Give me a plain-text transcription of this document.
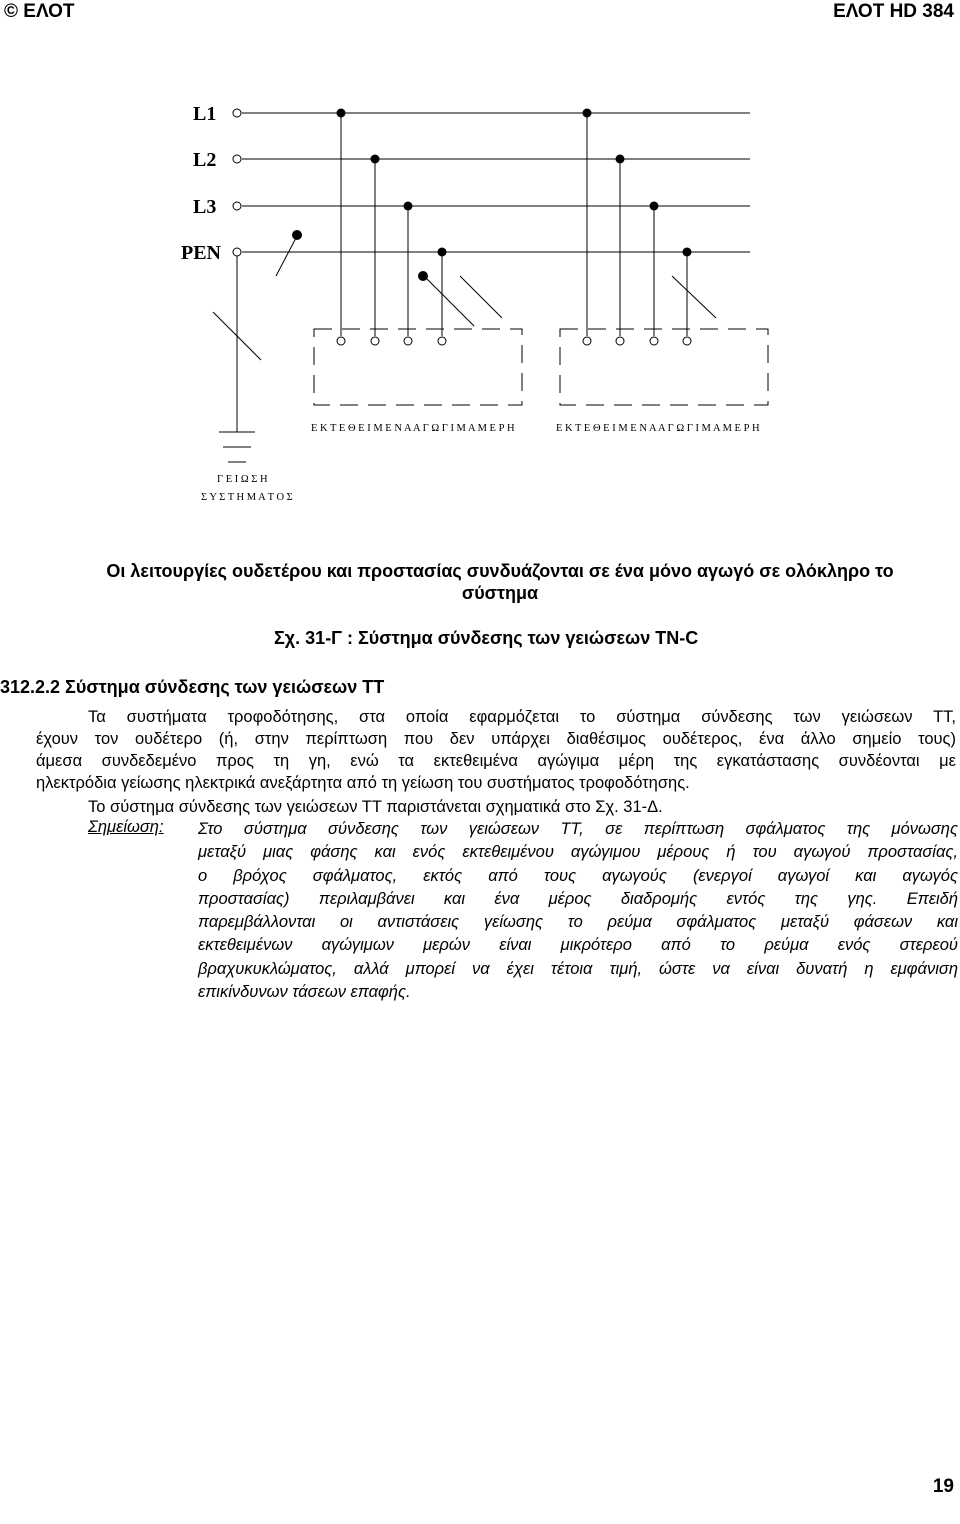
© ΕΛΟΤ	ΕΛΟΤ HD 384
L1
L2
L3
PEN
Ε Κ Τ Ε Θ Ε Ι Μ Ε Ν Α Α Γ Ω Γ Ι Μ Α Μ Ε Ρ Η	Ε Κ Τ Ε Θ Ε Ι Μ Ε Ν Α Α Γ Ω Γ Ι Μ Α Μ Ε Ρ Η
Γ Ε Ι Ω Σ Η
Σ Υ Σ Τ Η Μ Α Τ Ο Σ
Οι λειτουργίες ουδετέρου και προστασίας συνδυάζονται σε ένα μόνο αγωγό σε ολόκληρο το
σύστημα
Σχ. 31-Γ : Σύστημα σύνδεσης των γειώσεων TN-C
312.2.2 Σύστημα σύνδεσης των γειώσεων ΤΤ
Τα συστήματα τροφοδότησης, στα οποία εφαρμόζεται το σύστημα σύνδεσης των γειώσεων ΤΤ,
έχουν τον ουδέτερο (ή, στην περίπτωση που δεν υπάρχει διαθέσιμος ουδέτερος, ένα άλλο σημείο τους)
άμεσα συνδεδεμένο προς τη γη, ενώ τα εκτεθειμένα αγώγιμα μέρη της εγκατάστασης συνδέονται με
ηλεκτρόδια γείωσης ηλεκτρικά ανεξάρτητα από τη γείωση του συστήματος τροφοδότησης.
Το σύστημα σύνδεσης των γειώσεων ΤΤ παριστάνεται σχηματικά στο Σχ. 31-Δ.
Σημείωση: Στο σύστημα σύνδεσης των γειώσεων ΤΤ, σε περίπτωση σφάλματος της μόνωσης
μεταξύ μιας φάσης και ενός εκτεθειμένου αγώγιμου μέρους ή του αγωγού προστασίας,
ο βρόχος σφάλματος, εκτός από τους αγωγούς (ενεργοί αγωγοί και αγωγός
προστασίας) περιλαμβάνει και ένα μέρος διαδρομής εντός της γης. Επειδή
παρεμβάλλονται οι αντιστάσεις γείωσης το ρεύμα σφάλματος μεταξύ φάσεων και
εκτεθειμένων αγώγιμων μερών είναι μικρότερο από το ρεύμα ενός στερεού
βραχυκυκλώματος, αλλά μπορεί να έχει τέτοια τιμή, ώστε να είναι δυνατή η εμφάνιση
επικίνδυνων τάσεων επαφής.
19
